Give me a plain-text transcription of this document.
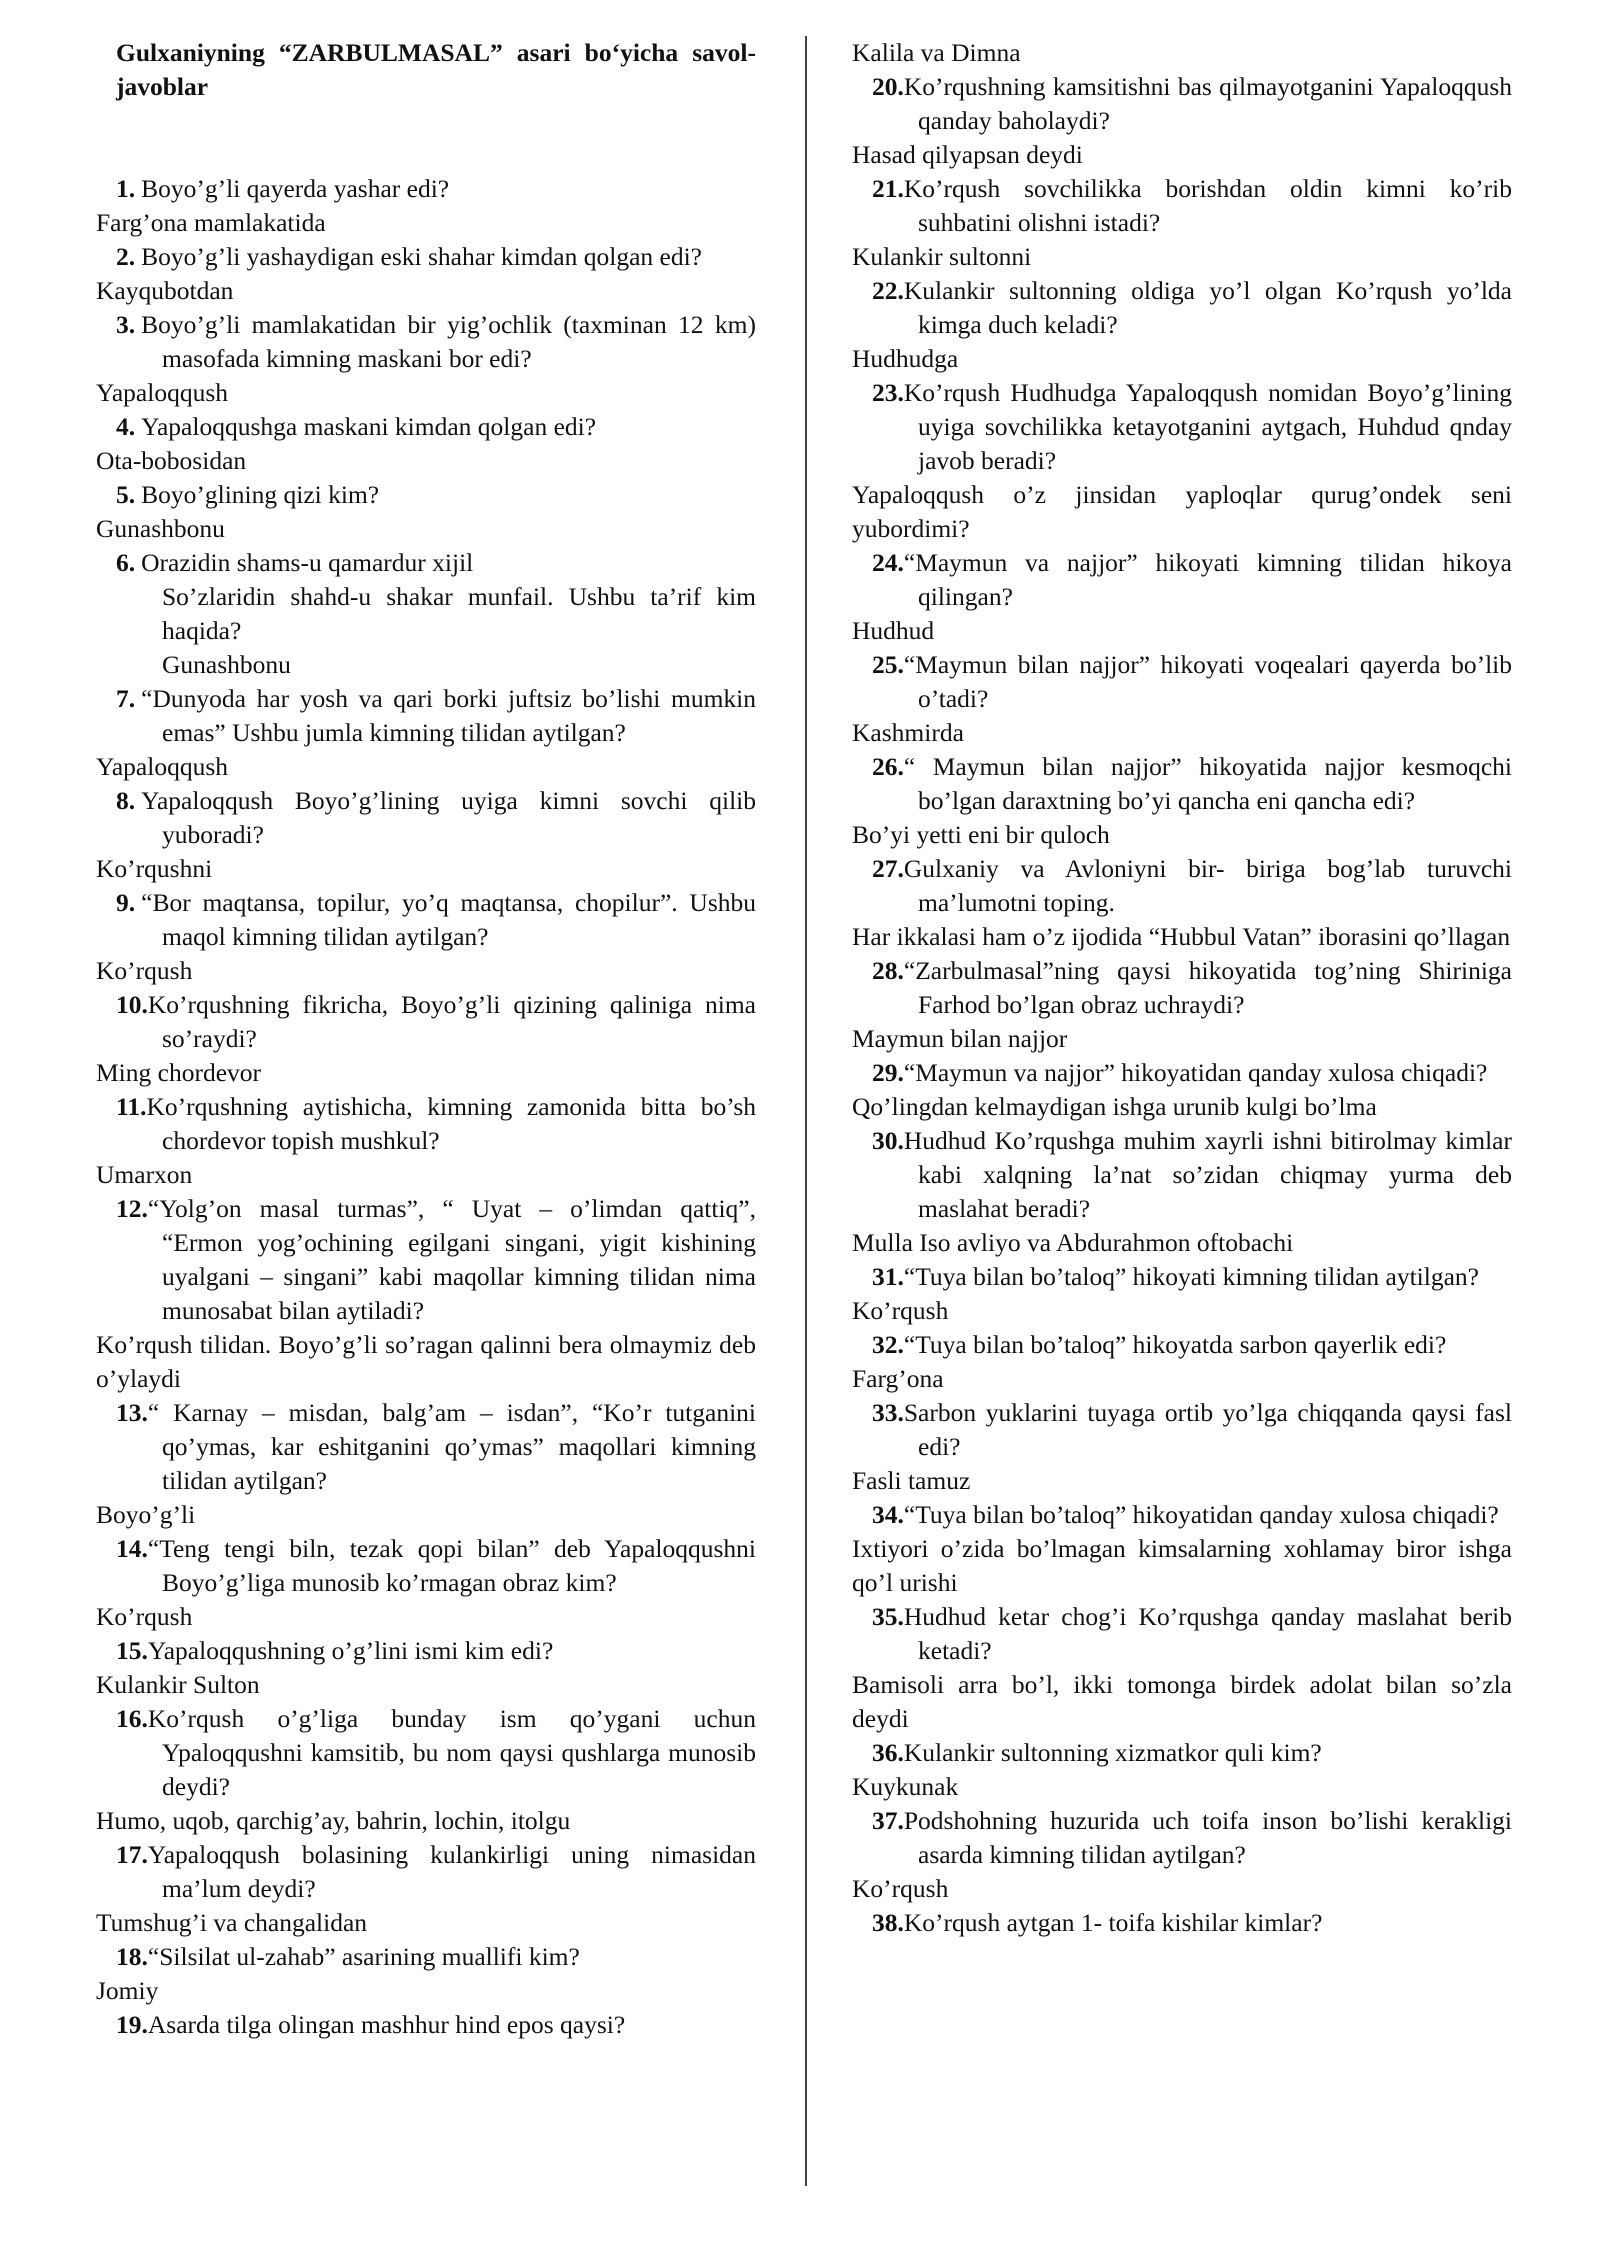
Gulxaniyning “ZARBULMASAL” asari bo‘yicha savol-javoblar
1. Boyo’g’li qayerda yashar edi?
Farg’ona mamlakatida
2. Boyo’g’li yashaydigan eski shahar kimdan qolgan edi?
Kayqubotdan
3. Boyo’g’li mamlakatidan bir yig’ochlik (taxminan 12 km) masofada kimning maskani bor edi?
Yapaloqqush
4. Yapaloqqushga maskani kimdan qolgan edi?
Ota-bobosidan
5. Boyo’glining qizi kim?
Gunashbonu
6. Orazidin shams-u qamardur xijil
So’zlaridin shahd-u shakar munfail. Ushbu ta’rif kim haqida?
Gunashbonu
7. “Dunyoda har yosh va qari borki juftsiz bo’lishi mumkin emas” Ushbu jumla kimning tilidan aytilgan?
Yapaloqqush
8. Yapaloqqush Boyo’g’lining uyiga kimni sovchi qilib yuboradi?
Ko’rqushni
9. “Bor maqtansa, topilur, yo’q maqtansa, chopilur”. Ushbu maqol kimning tilidan aytilgan?
Ko’rqush
10.Ko’rqushning fikricha, Boyo’g’li qizining qaliniga nima so’raydi?
Ming chordevor
11.Ko’rqushning aytishicha, kimning zamonida bitta bo’sh chordevor topish mushkul?
Umarxon
12.“Yolg’on masal turmas”, “ Uyat – o’limdan qattiq”, “Ermon yog’ochining egilgani singani, yigit kishining uyalgani – singani” kabi maqollar kimning tilidan nima munosabat bilan aytiladi?
Ko’rqush tilidan. Boyo’g’li so’ragan qalinni bera olmaymiz deb o’ylaydi
13.“ Karnay – misdan, balg’am – isdan”, “Ko’r tutganini qo’ymas, kar eshitganini qo’ymas” maqollari kimning tilidan aytilgan?
Boyo’g’li
14.“Teng tengi biln, tezak qopi bilan” deb Yapaloqqushni Boyo’g’liga munosib ko’rmagan obraz kim?
Ko’rqush
15.Yapaloqqushning o’g’lini ismi kim edi?
Kulankir Sulton
16.Ko’rqush o’g’liga bunday ism qo’ygani uchun Ypaloqqushni kamsitib, bu nom qaysi qushlarga munosib deydi?
Humo, uqob, qarchig’ay, bahrin, lochin, itolgu
17.Yapaloqqush bolasining kulankirligi uning nimasidan ma’lum deydi?
Tumshug’i va changalidan
18.“Silsilat ul-zahab” asarining muallifi kim?
Jomiy
19.Asarda tilga olingan mashhur hind epos qaysi?
Kalila va Dimna
20.Ko’rqushning kamsitishni bas qilmayotganini Yapaloqqush qanday baholaydi?
Hasad qilyapsan deydi
21.Ko’rqush sovchilikka borishdan oldin kimni ko’rib suhbatini olishni istadi?
Kulankir sultonni
22.Kulankir sultonning oldiga yo’l olgan Ko’rqush yo’lda kimga duch keladi?
Hudhudga
23.Ko’rqush Hudhudga Yapaloqqush nomidan Boyo’g’lining uyiga sovchilikka ketayotganini aytgach, Huhdud qnday javob beradi?
Yapaloqqush o’z jinsidan yaploqlar qurug’ondek seni yubordimi?
24.“Maymun va najjor” hikoyati kimning tilidan hikoya qilingan?
Hudhud
25.“Maymun bilan najjor” hikoyati voqealari qayerda bo’lib o’tadi?
Kashmirda
26.“ Maymun bilan najjor” hikoyatida najjor kesmoqchi bo’lgan daraxtning bo’yi qancha eni qancha edi?
Bo’yi yetti eni bir quloch
27.Gulxaniy va Avloniyni bir- biriga bog’lab turuvchi ma’lumotni toping.
Har ikkalasi ham o’z ijodida “Hubbul Vatan” iborasini qo’llagan
28.“Zarbulmasal”ning qaysi hikoyatida tog’ning Shiriniga Farhod bo’lgan obraz uchraydi?
Maymun bilan najjor
29.“Maymun va najjor” hikoyatidan qanday xulosa chiqadi?
Qo’lingdan kelmaydigan ishga urunib kulgi bo’lma
30.Hudhud Ko’rqushga muhim xayrli ishni bitirolmay kimlar kabi xalqning la’nat so’zidan chiqmay yurma deb maslahat beradi?
Mulla Iso avliyo va Abdurahmon oftobachi
31.“Tuya bilan bo’taloq” hikoyati kimning tilidan aytilgan?
Ko’rqush
32.“Tuya bilan bo’taloq” hikoyatda sarbon qayerlik edi?
Farg’ona
33.Sarbon yuklarini tuyaga ortib yo’lga chiqqanda qaysi fasl edi?
Fasli tamuz
34.“Tuya bilan bo’taloq” hikoyatidan qanday xulosa chiqadi?
Ixtiyori o’zida bo’lmagan kimsalarning xohlamay biror ishga qo’l urishi
35.Hudhud ketar chog’i Ko’rqushga qanday maslahat berib ketadi?
Bamisoli arra bo’l, ikki tomonga birdek adolat bilan so’zla deydi
36.Kulankir sultonning xizmatkor quli kim?
Kuykunak
37.Podshohning huzurida uch toifa inson bo’lishi kerakligi asarda kimning tilidan aytilgan?
Ko’rqush
38.Ko’rqush aytgan 1- toifa kishilar kimlar?
